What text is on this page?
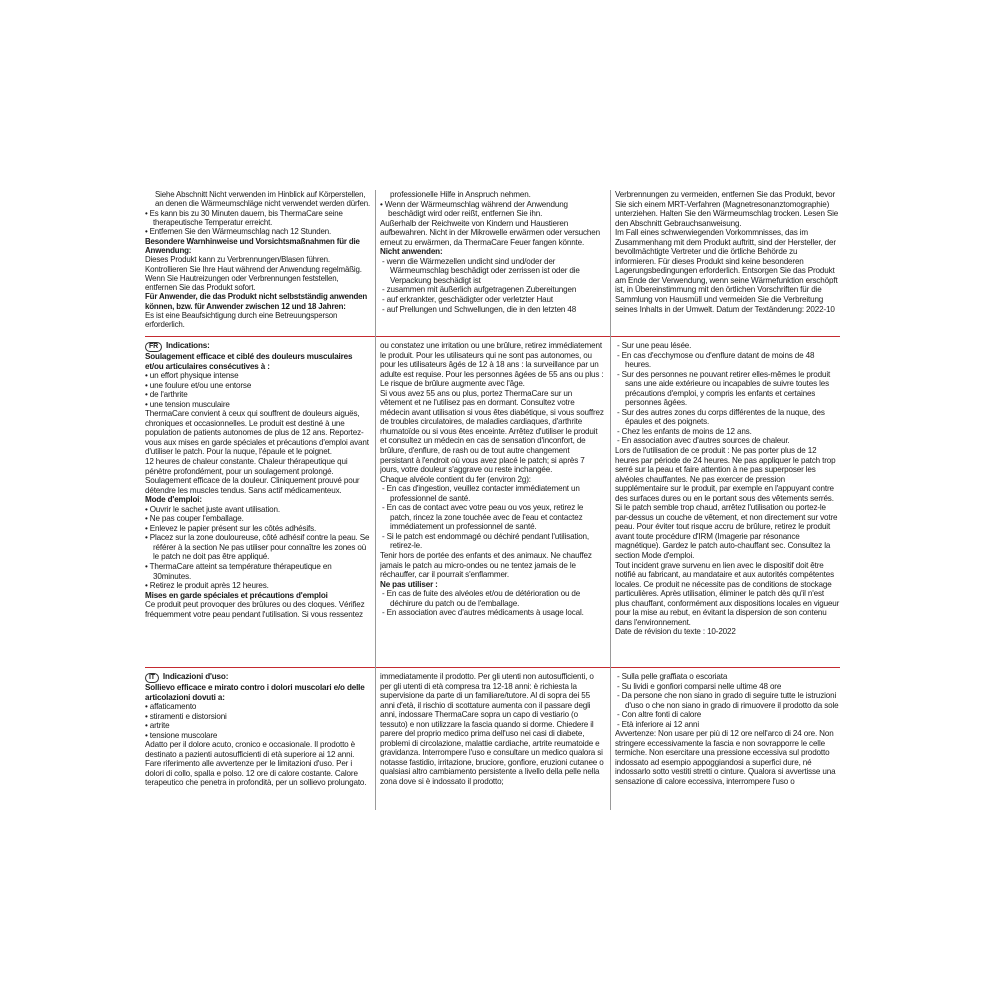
Siehe Abschnitt Nicht verwenden im Hinblick auf Körperstellen, an denen die Wärmeumschläge nicht verwendet werden dürfen.

• Es kann bis zu 30 Minuten dauern, bis ThermaCare seine therapeutische Temperatur erreicht.

• Entfernen Sie den Wärmeumschlag nach 12 Stunden.

Besondere Warnhinweise und Vorsichtsmaßnahmen für die Anwendung:

Dieses Produkt kann zu Verbrennungen/Blasen führen. Kontrollieren Sie Ihre Haut während der Anwendung regelmäßig. Wenn Sie Hautreizungen oder Verbrennungen feststellen, entfernen Sie das Produkt sofort.

Für Anwender, die das Produkt nicht selbstständig anwenden können, bzw. für Anwender zwischen 12 und 18 Jahren:

Es ist eine Beaufsichtigung durch eine Betreuungsperson erforderlich.

professionelle Hilfe in Anspruch nehmen.

• Wenn der Wärmeumschlag während der Anwendung beschädigt wird oder reißt, entfernen Sie ihn.

Außerhalb der Reichweite von Kindern und Haustieren aufbewahren. Nicht in der Mikrowelle erwärmen oder versuchen erneut zu erwärmen, da ThermaCare Feuer fangen könnte.

Nicht anwenden:

- wenn die Wärmezellen undicht sind und/oder der Wärmeumschlag beschädigt oder zerrissen ist oder die Verpackung beschädigt ist

- zusammen mit äußerlich aufgetragenen Zubereitungen

- auf erkrankter, geschädigter oder verletzter Haut

- auf Prellungen und Schwellungen, die in den letzten 48

Verbrennungen zu vermeiden, entfernen Sie das Produkt, bevor Sie sich einem MRT-Verfahren (Magnetresonanztomographie) unterziehen. Halten Sie den Wärmeumschlag trocken. Lesen Sie den Abschnitt Gebrauchsanweisung.

Im Fall eines schwerwiegenden Vorkommnisses, das im Zusammenhang mit dem Produkt auftritt, sind der Hersteller, der bevollmächtigte Vertreter und die örtliche Behörde zu informieren. Für dieses Produkt sind keine besonderen Lagerungsbedingungen erforderlich. Entsorgen Sie das Produkt am Ende der Verwendung, wenn seine Wärmefunktion erschöpft ist, in Übereinstimmung mit den örtlichen Vorschriften für die Sammlung von Hausmüll und vermeiden Sie die Verbreitung seines Inhalts in der Umwelt. Datum der Textänderung: 2022-10

FR Indications:

Soulagement efficace et ciblé des douleurs musculaires et/ou articulaires consécutives à :

• un effort physique intense

• une foulure et/ou une entorse

• de l'arthrite

• une tension musculaire

ThermaCare convient à ceux qui souffrent de douleurs aiguës, chroniques et occasionnelles. Le produit est destiné à une population de patients autonomes de plus de 12 ans. Reportez-vous aux mises en garde spéciales et précautions d'emploi avant d'utiliser le patch. Pour la nuque, l'épaule et le poignet.

12 heures de chaleur constante. Chaleur thérapeutique qui pénètre profondément, pour un soulagement prolongé. Soulagement efficace de la douleur. Cliniquement prouvé pour détendre les muscles tendus. Sans actif médicamenteux.

Mode d'emploi:

• Ouvrir le sachet juste avant utilisation.

• Ne pas couper l'emballage.

• Enlevez le papier présent sur les côtés adhésifs.

• Placez sur la zone douloureuse, côté adhésif contre la peau. Se référer à la section Ne pas utiliser pour connaître les zones où le patch ne doit pas être appliqué.

• ThermaCare atteint sa température thérapeutique en 30minutes.

• Retirez le produit après 12 heures.

Mises en garde spéciales et précautions d'emploi

Ce produit peut provoquer des brûlures ou des cloques. Vérifiez fréquemment votre peau pendant l'utilisation. Si vous ressentez

ou constatez une irritation ou une brûlure, retirez immédiatement le produit. Pour les utilisateurs qui ne sont pas autonomes, ou pour les utilisateurs âgés de 12 à 18 ans : la surveillance par un adulte est requise. Pour les personnes âgées de 55 ans ou plus : Le risque de brûlure augmente avec l'âge.

Si vous avez 55 ans ou plus, portez ThermaCare sur un vêtement et ne l'utilisez pas en dormant. Consultez votre médecin avant utilisation si vous êtes diabétique, si vous souffrez de troubles circulatoires, de maladies cardiaques, d'arthrite rhumatoïde ou si vous êtes enceinte. Arrêtez d'utiliser le produit et consultez un médecin en cas de sensation d'inconfort, de brûlure, d'enflure, de rash ou de tout autre changement persistant à l'endroit où vous avez placé le patch; si après 7 jours, votre douleur s'aggrave ou reste inchangée.

Chaque alvéole contient du fer (environ 2g):

- En cas d'ingestion, veuillez contacter immédiatement un professionnel de santé.

- En cas de contact avec votre peau ou vos yeux, retirez le patch, rincez la zone touchée avec de l'eau et contactez immédiatement un professionnel de santé.

- Si le patch est endommagé ou déchiré pendant l'utilisation, retirez-le.

Tenir hors de portée des enfants et des animaux. Ne chauffez jamais le patch au micro-ondes ou ne tentez jamais de le réchauffer, car il pourrait s'enflammer.

Ne pas utiliser :

- En cas de fuite des alvéoles et/ou de détérioration ou de déchirure du patch ou de l'emballage.

- En association avec d'autres médicaments à usage local.

- Sur une peau lésée.

- En cas d'ecchymose ou d'enflure datant de moins de 48 heures.

- Sur des personnes ne pouvant retirer elles-mêmes le produit sans une aide extérieure ou incapables de suivre toutes les précautions d'emploi, y compris les enfants et certaines personnes âgées.

- Sur des autres zones du corps différentes de la nuque, des épaules et des poignets.

- Chez les enfants de moins de 12 ans.

- En association avec d'autres sources de chaleur.

Lors de l'utilisation de ce produit : Ne pas porter plus de 12 heures par période de 24 heures. Ne pas appliquer le patch trop serré sur la peau et faire attention à ne pas superposer les alvéoles chauffantes. Ne pas exercer de pression supplémentaire sur le produit, par exemple en l'appuyant contre des surfaces dures ou en le portant sous des vêtements serrés. Si le patch semble trop chaud, arrêtez l'utilisation ou portez-le par-dessus un couche de vêtement, et non directement sur votre peau. Pour éviter tout risque accru de brûlure, retirez le produit avant toute procédure d'IRM (Imagerie par résonance magnétique). Gardez le patch auto-chauffant sec. Consultez la section Mode d'emploi.

Tout incident grave survenu en lien avec le dispositif doit être notifié au fabricant, au mandataire et aux autorités compétentes locales. Ce produit ne nécessite pas de conditions de stockage particulières. Après utilisation, éliminer le patch dès qu'il n'est plus chauffant, conformément aux dispositions locales en vigueur pour la mise au rebut, en évitant la dispersion de son contenu dans l'environnement.

Date de révision du texte : 10-2022

IT Indicazioni d'uso:

Sollievo efficace e mirato contro i dolori muscolari e/o delle articolazioni dovuti a:

• affaticamento

• stiramenti e distorsioni

• artrite

• tensione muscolare

Adatto per il dolore acuto, cronico e occasionale. Il prodotto è destinato a pazienti autosufficienti di età superiore ai 12 anni. Fare riferimento alle avvertenze per le limitazioni d'uso. Per i dolori di collo, spalla e polso. 12 ore di calore costante. Calore terapeutico che penetra in profondità, per un sollievo prolungato.

immediatamente il prodotto. Per gli utenti non autosufficienti, o per gli utenti di età compresa tra 12-18 anni: è richiesta la supervisione da parte di un familiare/tutore. Al di sopra dei 55 anni d'età, il rischio di scottature aumenta con il passare degli anni, indossare ThermaCare sopra un capo di vestiario (o tessuto) e non utilizzare la fascia quando si dorme. Chiedere il parere del proprio medico prima dell'uso nei casi di diabete, problemi di circolazione, malattie cardiache, artrite reumatoide e gravidanza. Interrompere l'uso e consultare un medico qualora si notasse fastidio, irritazione, bruciore, gonfiore, eruzioni cutanee o qualsiasi altro cambiamento persistente a livello della pelle nella zona dove si è indossato il prodotto;

- Sulla pelle graffiata o escoriata

- Su lividi e gonfiori comparsi nelle ultime 48 ore

- Da persone che non siano in grado di seguire tutte le istruzioni d'uso o che non siano in grado di rimuovere il prodotto da sole

- Con altre fonti di calore

- Età inferiore ai 12 anni

Avvertenze: Non usare per più di 12 ore nell'arco di 24 ore. Non stringere eccessivamente la fascia e non sovrapporre le celle termiche. Non esercitare una pressione eccessiva sul prodotto indossato ad esempio appoggiandosi a superfici dure, né indossarlo sotto vestiti stretti o cinture. Qualora si avvertisse una sensazione di calore eccessiva, interrompere l'uso o
